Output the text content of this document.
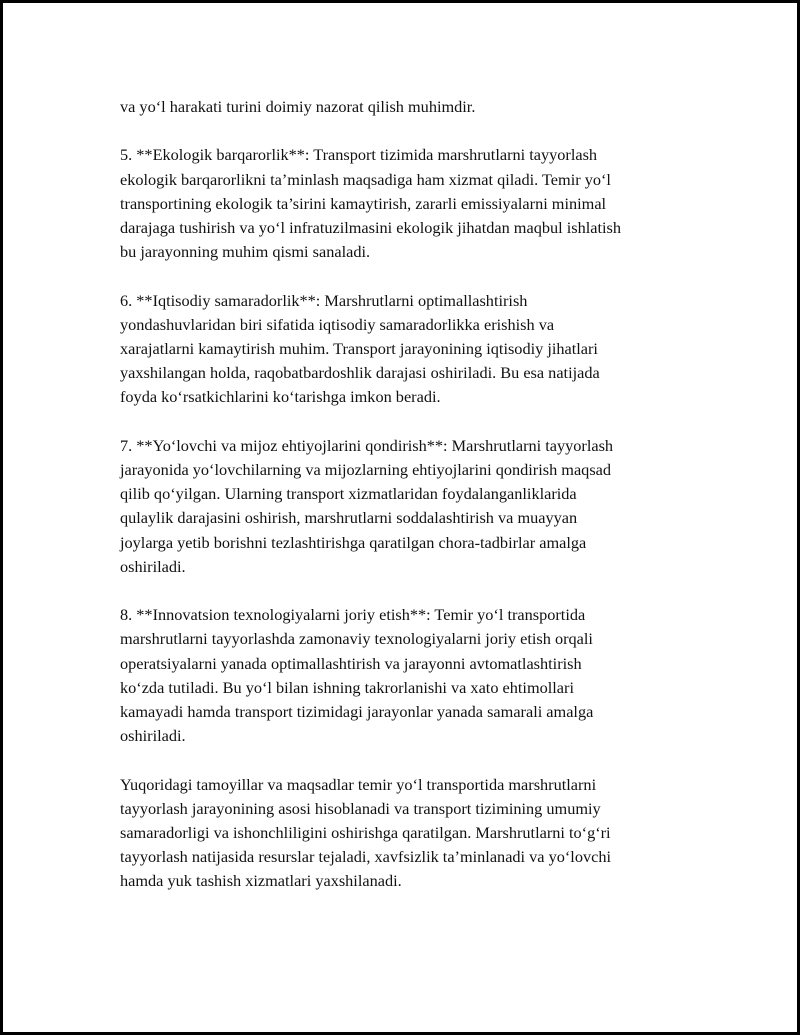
va yo‘l harakati turini doimiy nazorat qilish muhimdir.

5. **Ekologik barqarorlik**: Transport tizimida marshrutlarni tayyorlash
ekologik barqarorlikni ta’minlash maqsadiga ham xizmat qiladi. Temir yo‘l
transportining ekologik ta’sirini kamaytirish, zararli emissiyalarni minimal
darajaga tushirish va yo‘l infratuzilmasini ekologik jihatdan maqbul ishlatish
bu jarayonning muhim qismi sanaladi.

6. **Iqtisodiy samaradorlik**: Marshrutlarni optimallashtirish
yondashuvlaridan biri sifatida iqtisodiy samaradorlikka erishish va
xarajatlarni kamaytirish muhim. Transport jarayonining iqtisodiy jihatlari
yaxshilangan holda, raqobatbardoshlik darajasi oshiriladi. Bu esa natijada
foyda ko‘rsatkichlarini ko‘tarishga imkon beradi.

7. **Yo‘lovchi va mijoz ehtiyojlarini qondirish**: Marshrutlarni tayyorlash
jarayonida yo‘lovchilarning va mijozlarning ehtiyojlarini qondirish maqsad
qilib qo‘yilgan. Ularning transport xizmatlaridan foydalanganliklarida
qulaylik darajasini oshirish, marshrutlarni soddalashtirish va muayyan
joylarga yetib borishni tezlashtirishga qaratilgan chora-tadbirlar amalga
oshiriladi.

8. **Innovatsion texnologiyalarni joriy etish**: Temir yo‘l transportida
marshrutlarni tayyorlashda zamonaviy texnologiyalarni joriy etish orqali
operatsiyalarni yanada optimallashtirish va jarayonni avtomatlashtirish
ko‘zda tutiladi. Bu yo‘l bilan ishning takrorlanishi va xato ehtimollari
kamayadi hamda transport tizimidagi jarayonlar yanada samarali amalga
oshiriladi.

Yuqoridagi tamoyillar va maqsadlar temir yo‘l transportida marshrutlarni
tayyorlash jarayonining asosi hisoblanadi va transport tizimining umumiy
samaradorligi va ishonchliligini oshirishga qaratilgan. Marshrutlarni to‘g‘ri
tayyorlash natijasida resurslar tejaladi, xavfsizlik ta’minlanadi va yo‘lovchi
hamda yuk tashish xizmatlari yaxshilanadi.
